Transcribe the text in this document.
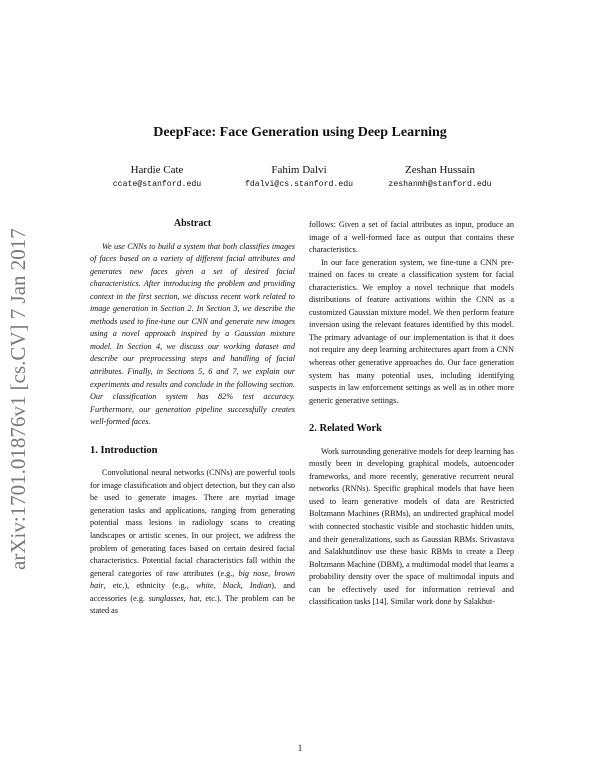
arXiv:1701.01876v1 [cs.CV] 7 Jan 2017
DeepFace: Face Generation using Deep Learning
Hardie Cate
ccate@stanford.edu
Fahim Dalvi
fdalvi@cs.stanford.edu
Zeshan Hussain
zeshanmh@stanford.edu
Abstract

We use CNNs to build a system that both classifies images of faces based on a variety of different facial attributes and generates new faces given a set of desired facial characteristics. After introducing the problem and providing context in the first section, we discuss recent work related to image generation in Section 2. In Section 3, we describe the methods used to fine-tune our CNN and generate new images using a novel approach inspired by a Gaussian mixture model. In Section 4, we discuss our working dataset and describe our preprocessing steps and handling of facial attributes. Finally, in Sections 5, 6 and 7, we explain our experiments and results and conclude in the following section. Our classification system has 82% test accuracy. Furthermore, our generation pipeline successfully creates well-formed faces.

1. Introduction

Convolutional neural networks (CNNs) are powerful tools for image classification and object detection, but they can also be used to generate images. There are myriad image generation tasks and applications, ranging from generating potential mass lesions in radiology scans to creating landscapes or artistic scenes. In our project, we address the problem of generating faces based on certain desired facial characteristics. Potential facial characteristics fall within the general categories of raw attributes (e.g., big nose, brown hair, etc.), ethnicity (e.g., white, black, Indian), and accessories (e.g. sunglasses, hat, etc.). The problem can be stated as

follows: Given a set of facial attributes as input, produce an image of a well-formed face as output that contains these characteristics.

In our face generation system, we fine-tune a CNN pre-trained on faces to create a classification system for facial characteristics. We employ a novel technique that models distributions of feature activations within the CNN as a customized Gaussian mixture model. We then perform feature inversion using the relevant features identified by this model. The primary advantage of our implementation is that it does not require any deep learning architectures apart from a CNN whereas other generative approaches do. Our face generation system has many potential uses, including identifying suspects in law enforcement settings as well as in other more generic generative settings.

2. Related Work

Work surrounding generative models for deep learning has mostly been in developing graphical models, autoencoder frameworks, and more recently, generative recurrent neural networks (RNNs). Specific graphical models that have been used to learn generative models of data are Restricted Boltzmann Machines (RBMs), an undirected graphical model with connected stochastic visible and stochastic hidden units, and their generalizations, such as Gaussian RBMs. Srivastava and Salakhutdinov use these basic RBMs to create a Deep Boltzmann Machine (DBM), a multimodal model that learns a probability density over the space of multimodal inputs and can be effectively used for information retrieval and classification tasks [14]. Similar work done by Salakhut-

1
